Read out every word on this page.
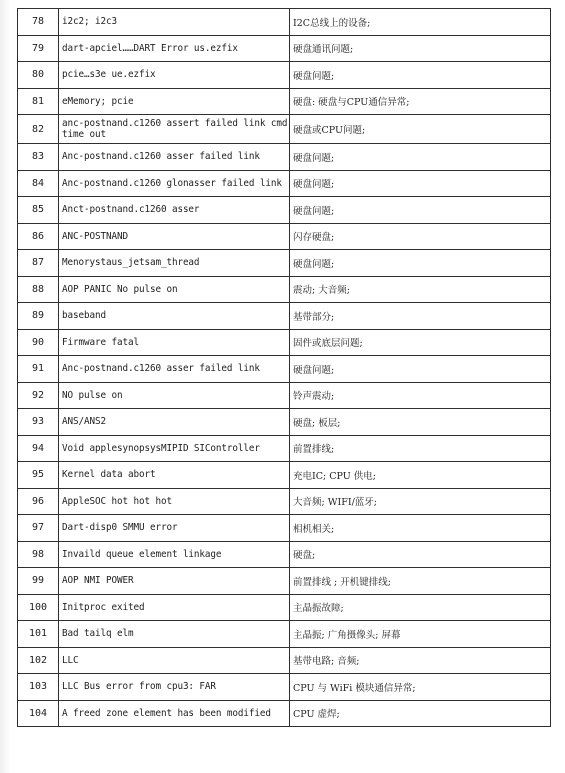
78	i2c2; i2c3	I2C总线上的设备;
79	dart-apciel……DART Error us.ezfix	硬盘通讯问题;
80	pcie…s3e ue.ezfix	硬盘问题;
81	eMemory; pcie	硬盘: 硬盘与CPU通信异常;
82	anc-postnand.c1260 assert failed link cmd time out	硬盘或CPU问题;
83	Anc-postnand.c1260 asser failed link	硬盘问题;
84	Anc-postnand.c1260 glonasser failed link	硬盘问题;
85	Anct-postnand.c1260 asser	硬盘问题;
86	ANC-POSTNAND	闪存硬盘;
87	Menorystaus_jetsam_thread	硬盘问题;
88	AOP PANIC No pulse on	震动; 大音频;
89	baseband	基带部分;
90	Firmware fatal	固件或底层问题;
91	Anc-postnand.c1260 asser failed link	硬盘问题;
92	NO pulse on	铃声震动;
93	ANS/ANS2	硬盘; 板层;
94	Void applesynopsysMIPID SIController	前置排线;
95	Kernel data abort	充电IC; CPU 供电;
96	AppleSOC hot hot hot	大音频; WIFI/蓝牙;
97	Dart-disp0 SMMU error	相机相关;
98	Invaild queue element linkage	硬盘;
99	AOP NMI POWER	前置排线 ; 开机键排线;
100	Initproc exited	主晶振故障;
101	Bad tailq elm	主晶振; 广角摄像头; 屏幕
102	LLC	基带电路; 音频;
103	LLC Bus error from cpu3: FAR	CPU 与 WiFi 模块通信异常;
104	A freed zone element has been modified	CPU 虚焊;
